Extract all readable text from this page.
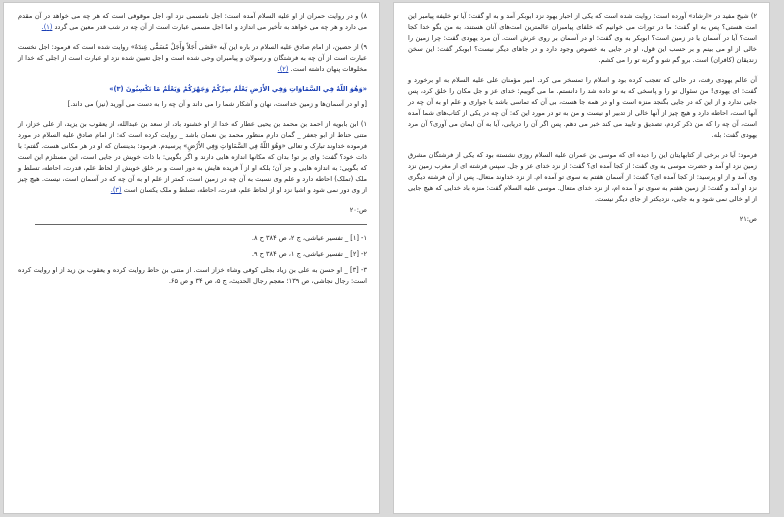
۸) و در روایت حمران از او علیه السلام آمده است: اجل نامسمی نزد او، اجل موقوفی است که هر چه می خواهد در آن مقدم می دارد و هر چه می خواهد به تأخیر می اندازد و اما اجل مسمی عبارت است از آن چه در شب قدر معین می گردد (۱).

۹) از حصین، از امام صادق علیه السلام در باره این آیه «قَضَی أَجَلاً وَأَجَلٌ مُسَمًّی عِندَهُ» روایت شده است که فرمود: اجل نخست عبارت است از آن چه به فرشتگان و رسولان و پیامبران وحی شده است و اجل تعیین شده نزد او عبارت است از اجلی که خدا از مخلوقات پنهان داشته است. (۲).

«وَهُوَ اللّهُ فِي السَّمَاوَاتِ وَفِي الأَرْضِ يَعْلَمُ سِرَّكُمْ وَجَهْرَكُمْ وَيَعْلَمُ مَا تَكْسِبُونَ (۳)»

[و او در آسمان‌ها و زمین خداست، نهان و آشکار شما را می داند و آن چه را به دست می آورید (نیز) می داند.]

۱) ابن بابویه از احمد بن محمد بن یحیی عطار که خدا از او خشنود باد، از سعد بن عبدالله، از یعقوب بن یزید، از علی خزاز، از متنی حناط از ابو جعفر _ گمان دارم منظور محمد بن نعمان باشد _ روایت کرده است که: از امام صادق علیه السلام در مورد فرموده خداوند تبارک و تعالی «وَهُوَ اللّهُ فِي السَّمَاوَاتِ وَفِي الأَرْضِ» پرسیدم. فرمود: بدینسان که او در هر مکانی هست. گفتم: با ذات خود؟ گفت: وای بر تو! بدان که مکانها اندازه هایی دارند و اگر بگویی: با ذات خویش در جایی است، این مستلزم این است که بگویی: به اندازه هایی و جز آن؛ بلکه او از آ فریده هایش به دور است و بر خلق خویش از لحاظ علم، قدرت، احاطه، تسلط و ملک (تملک) احاطه دارد و علم وی نسبت به آن چه در زمین است، کمتر از علم او به آن چه که در آسمان است، نیست. هیچ چیز از وی دور نمی شود و اشیا نزد او از لحاظ علم، قدرت، احاطه، تسلط و ملک یکسان است (۳).

ص:۲۰

۱- [۱] _ تفسیر عیاشی، ج ۲، ص ۳۸۴ ح ۸.

۲- [۲] _ تفسیر عیاشی، ج ۱، ص ۳۸۴ ح ۹.

۳- [۳] _ او حسن به علی بن زیاد بجلی کوفی وشاء خزاز است. از متنی بن حاط روایت کرده و یعقوب بن زید از او روایت کرده است: رجال نجاشی، ص ۱۳۹؛ معجم رجال الحدیث، ج ۵، ص ۳۴ و ص ۶۵.

۲) شیخ مفید در «ارشاد» آورده است: روایت شده است که یکی از احبار یهود نزد ابوبکر آمد و به او گفت: آیا تو خلیفه پیامبر این امت هستی؟ پس به او گفت: ما در تورات می خوانیم که خلفای پیامبران عالمترین امت‌های آنان هستند، به من بگو خدا کجا است؟ آیا در آسمان یا در زمین است؟ ابوبکر به وی گفت: او در آسمان بر روی عرش است. آن مرد یهودی گفت: چرا زمین را خالی از او می بینم و بر حسب این قول، او در جایی به خصوص وجود دارد و در جاهای دیگر نیست؟ ابوبکر گفت: این سخن زندیقان (کافران) است. برو گم شو و گرنه تو را می کشم.

آن عالم یهودی رفت، در حالی که تعجب کرده بود و اسلام را تمسخر می کرد. امیر مؤمنان علی علیه السلام به او برخورد و گفت: ای یهودی! من سئوال تو را و پاسخی که به تو داده شد را دانستم. ما می گوییم: خدای عز و جل مکان را خلق کرد، پس جایی ندارد و از این که در جایی بگنجد منزه است و او در همه جا هست، بی آن که تماسی باشد یا جواری و علم او به آن چه در آنها است، احاطه دارد و هیچ چیز از آنها خالی از تدبیر او نیست و من به تو در مورد این که: آن چه در یکی از کتاب‌های شما آمده است، آن چه را که من ذکر کردم، تصدیق و تایید می کند خبر می دهم. پس اگر آن را دریابی، آیا به آن ایمان می آوری؟ آن مرد یهودی گفت: بله.

فرمود: آیا در برخی از کتابهایتان این را دیده ای که موسی بن عمران علیه السلام روزی نشسته بود که یکی از فرشتگان مشرق زمین نزد او آمد و حضرت موسی به وی گفت: از کجا آمده ای؟ گفت: از نزد خدای عز و جل. سپس فرشته ای از مغرب زمین نزد وی آمد و از او پرسید: از کجا آمده ای؟ گفت: از آسمان هفتم به سوی تو آمده ام. از نزد خداوند متعال. پس از آن فرشته دیگری نزد او آمد و گفت: از زمین هفتم به سوی تو آ مده ام، از نزد خدای متعال. موسی علیه السلام گفت: منزه باد خدایی که هیچ جایی از او خالی نمی شود و به جایی، نزدیکتر از جای دیگر نیست.

ص:۲۱
